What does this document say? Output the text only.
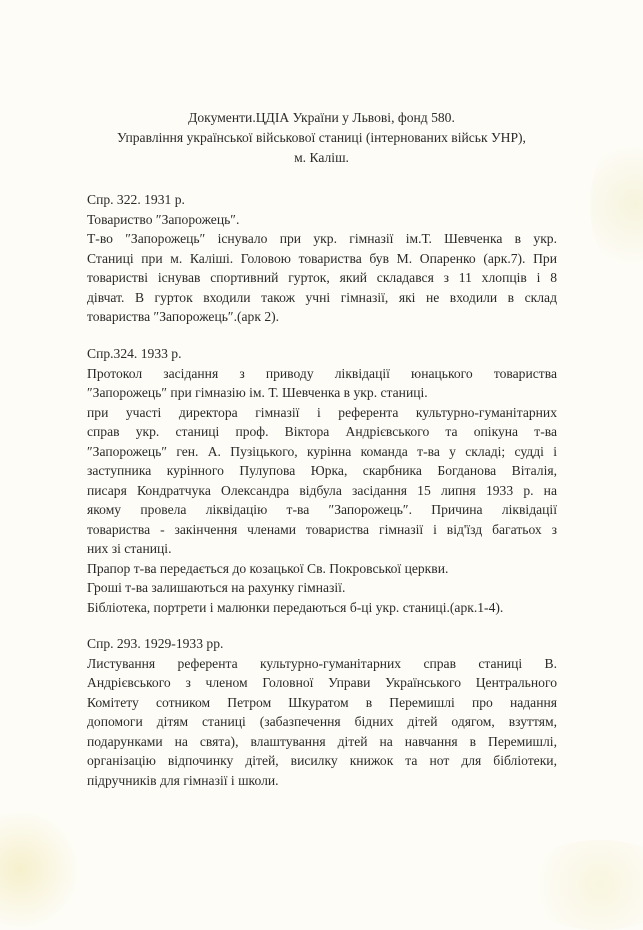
Документи.ЦДІА України у Львові, фонд 580.
Управління української військової станиці (інтернованих військ УНР),
м. Каліш.
Спр. 322. 1931 р.
Товариство ″Запорожець″.
Т-во ″Запорожець″ існувало при укр. гімназії ім.Т. Шевченка в укр.
Станиці при м. Каліші. Головою товариства був М. Опаренко (арк.7). При
товаристві існував спортивний гурток, який складався з 11 хлопців і 8
дівчат. В гурток входили також учні гімназії, які не входили в склад
товариства ″Запорожець″.(арк 2).
Спр.324. 1933 р.
Протокол засідання з приводу ліквідації юнацького товариства
″Запорожець″ при гімназію ім. Т. Шевченка в укр. станиці.
при участі директора гімназії і референта культурно-гуманітарних
справ укр. станиці проф. Віктора Андрієвського та опікуна т-ва
″Запорожець″ ген. А. Пузіцького, курінна команда т-ва у складі; судді і
заступника курінного Пулупова Юрка, скарбника Богданова Віталія,
писаря Кондратчука Олександра відбула засідання 15 липня 1933 р. на
якому провела ліквідацію т-ва ″Запорожець″. Причина ліквідації
товариства - закінчення членами товариства гімназії і від'їзд багатьох з
них зі станиці.
Прапор т-ва передається до козацької Св. Покровської церкви.
Гроші т-ва залишаються на рахунку гімназії.
Бібліотека, портрети і малюнки передаються б-ці укр. станиці.(арк.1-4).
Спр. 293. 1929-1933 рр.
Листування референта культурно-гуманітарних справ станиці В.
Андрієвського з членом Головної Управи Українського Центрального
Комітету сотником Петром Шкуратом в Перемишлі про надання
допомоги дітям станиці (забазпечення бідних дітей одягом, взуттям,
подарунками на свята), влаштування дітей на навчання в Перемишлі,
організацію відпочинку дітей, висилку книжок та нот для бібліотеки,
підручників для гімназії і школи.
